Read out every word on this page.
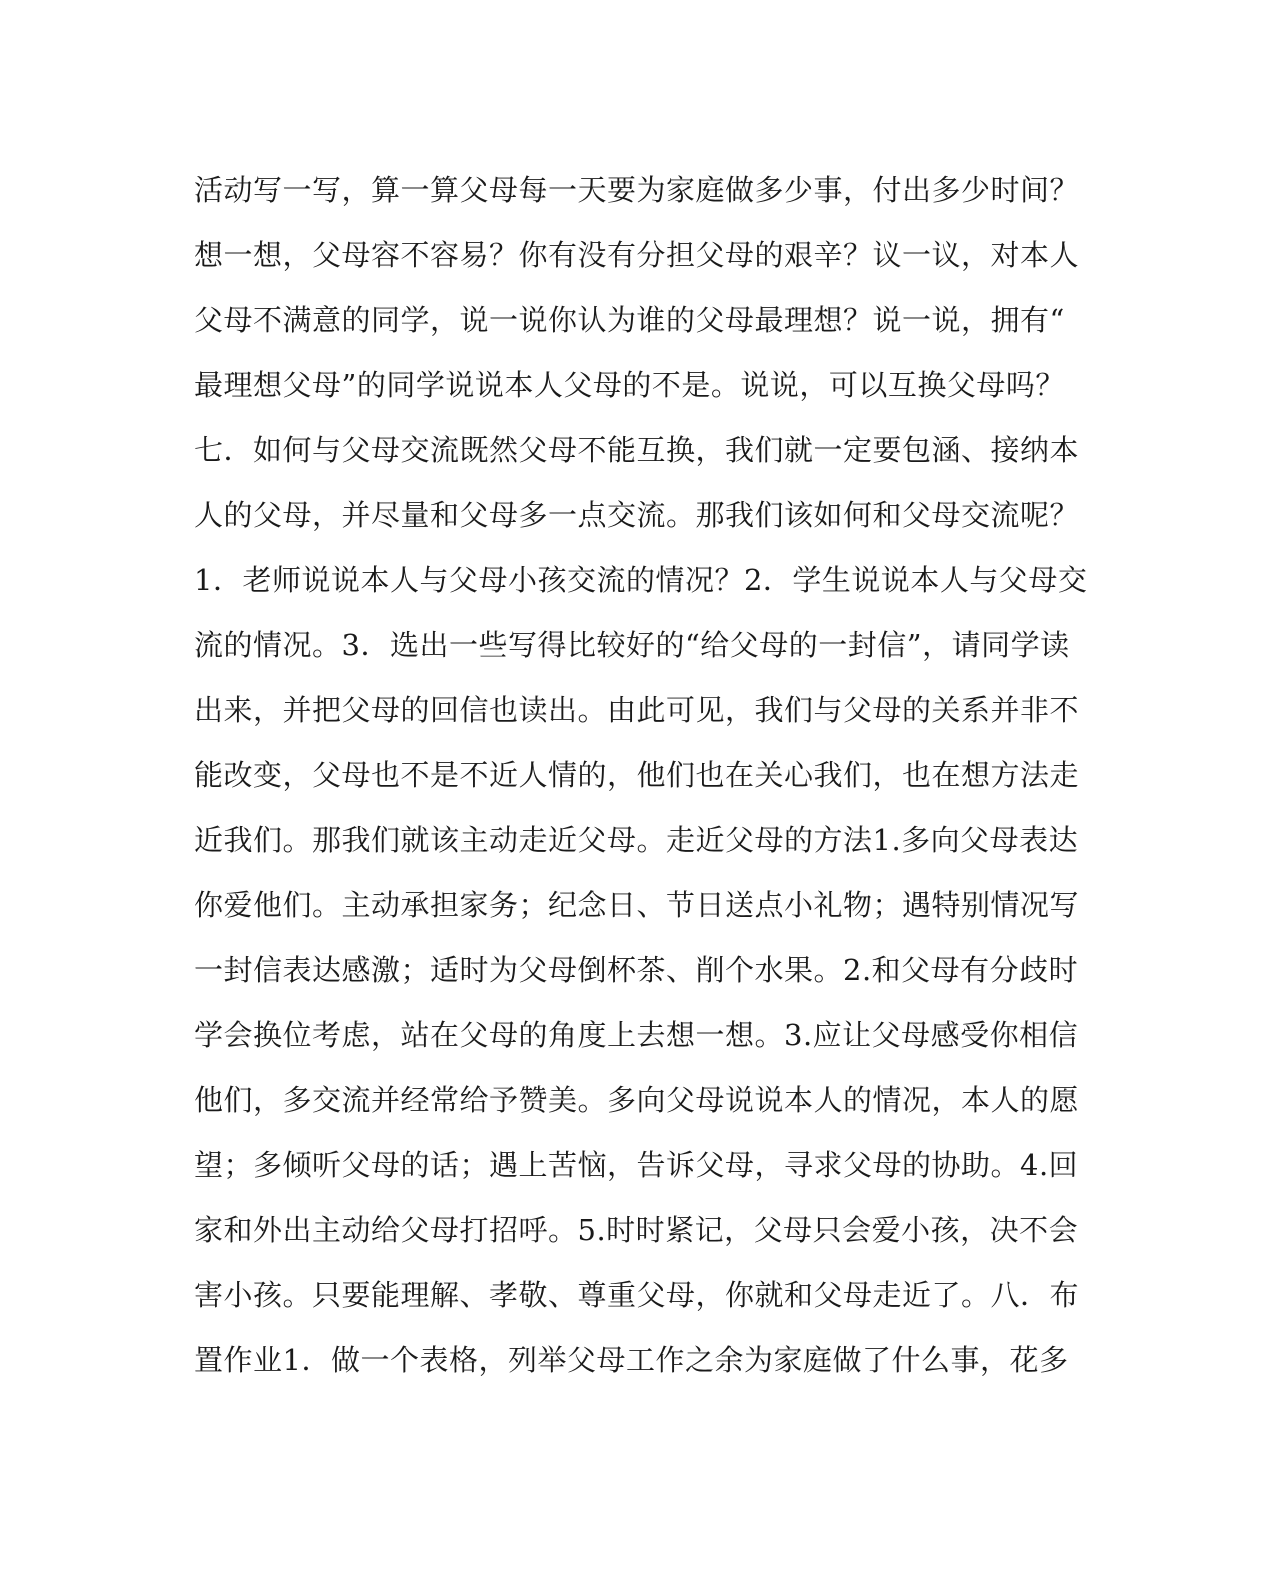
活动写一写，算一算父母每一天要为家庭做多少事，付出多少时间？
想一想，父母容不容易？你有没有分担父母的艰辛？议一议，对本人
父母不满意的同学，说一说你认为谁的父母最理想？说一说，拥有“
最理想父母”的同学说说本人父母的不是。说说，可以互换父母吗？
七．如何与父母交流既然父母不能互换，我们就一定要包涵、接纳本
人的父母，并尽量和父母多一点交流。那我们该如何和父母交流呢？
1．老师说说本人与父母小孩交流的情况？2．学生说说本人与父母交
流的情况。3．选出一些写得比较好的“给父母的一封信”，请同学读
出来，并把父母的回信也读出。由此可见，我们与父母的关系并非不
能改变，父母也不是不近人情的，他们也在关心我们，也在想方法走
近我们。那我们就该主动走近父母。走近父母的方法1.多向父母表达
你爱他们。主动承担家务；纪念日、节日送点小礼物；遇特别情况写
一封信表达感激；适时为父母倒杯茶、削个水果。2.和父母有分歧时
学会换位考虑，站在父母的角度上去想一想。3.应让父母感受你相信
他们，多交流并经常给予赞美。多向父母说说本人的情况，本人的愿
望；多倾听父母的话；遇上苦恼，告诉父母，寻求父母的协助。4.回
家和外出主动给父母打招呼。5.时时紧记，父母只会爱小孩，决不会
害小孩。只要能理解、孝敬、尊重父母，你就和父母走近了。八．布
置作业1．做一个表格，列举父母工作之余为家庭做了什么事，花多
